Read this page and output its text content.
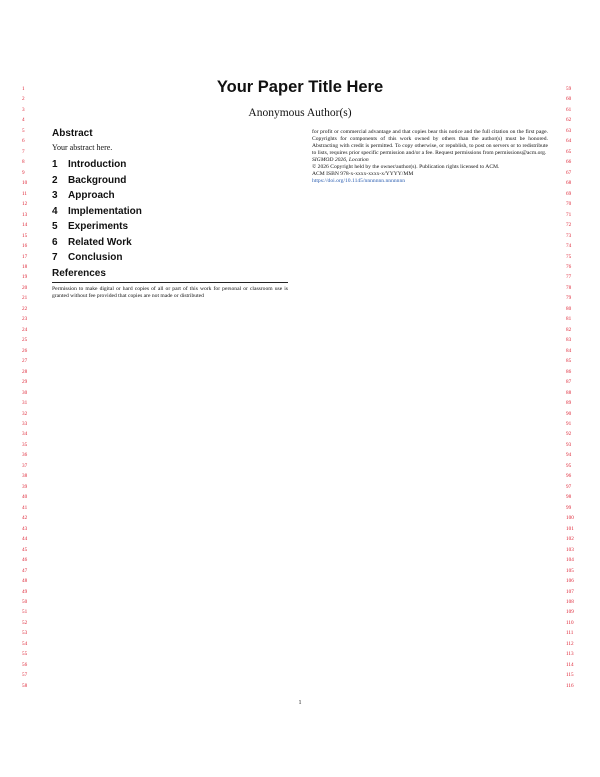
1
2
3
4
5
6
7
8
9
10
11
12
13
14
15
16
17
18
19
20
21
22
23
24
25
26
27
28
29
30
31
32
33
34
35
36
37
38
39
40
41
42
43
44
45
46
47
48
49
50
51
52
53
54
55
56
57
58
59
60
61
62
63
64
65
66
67
68
69
70
71
72
73
74
75
76
77
78
79
80
81
82
83
84
85
86
87
88
89
90
91
92
93
94
95
96
97
98
99
100
101
102
103
104
105
106
107
108
109
110
111
112
113
114
115
116
Your Paper Title Here
Anonymous Author(s)
Abstract
Your abstract here.
1	Introduction
2	Background
3	Approach
4	Implementation
5	Experiments
6	Related Work
7	Conclusion
References
Permission to make digital or hard copies of all or part of this work for personal or classroom use is granted without fee provided that copies are not made or distributed
for profit or commercial advantage and that copies bear this notice and the full citation on the first page. Copyrights for components of this work owned by others than the author(s) must be honored. Abstracting with credit is permitted. To copy otherwise, or republish, to post on servers or to redistribute to lists, requires prior specific permission and/or a fee. Request permissions from permissions@acm.org.
SIGMOD 2026, Location
© 2026 Copyright held by the owner/author(s). Publication rights licensed to ACM.
ACM ISBN 978-x-xxxx-xxxx-x/YYYY/MM
https://doi.org/10.1145/nnnnnnn.nnnnnnn
1
